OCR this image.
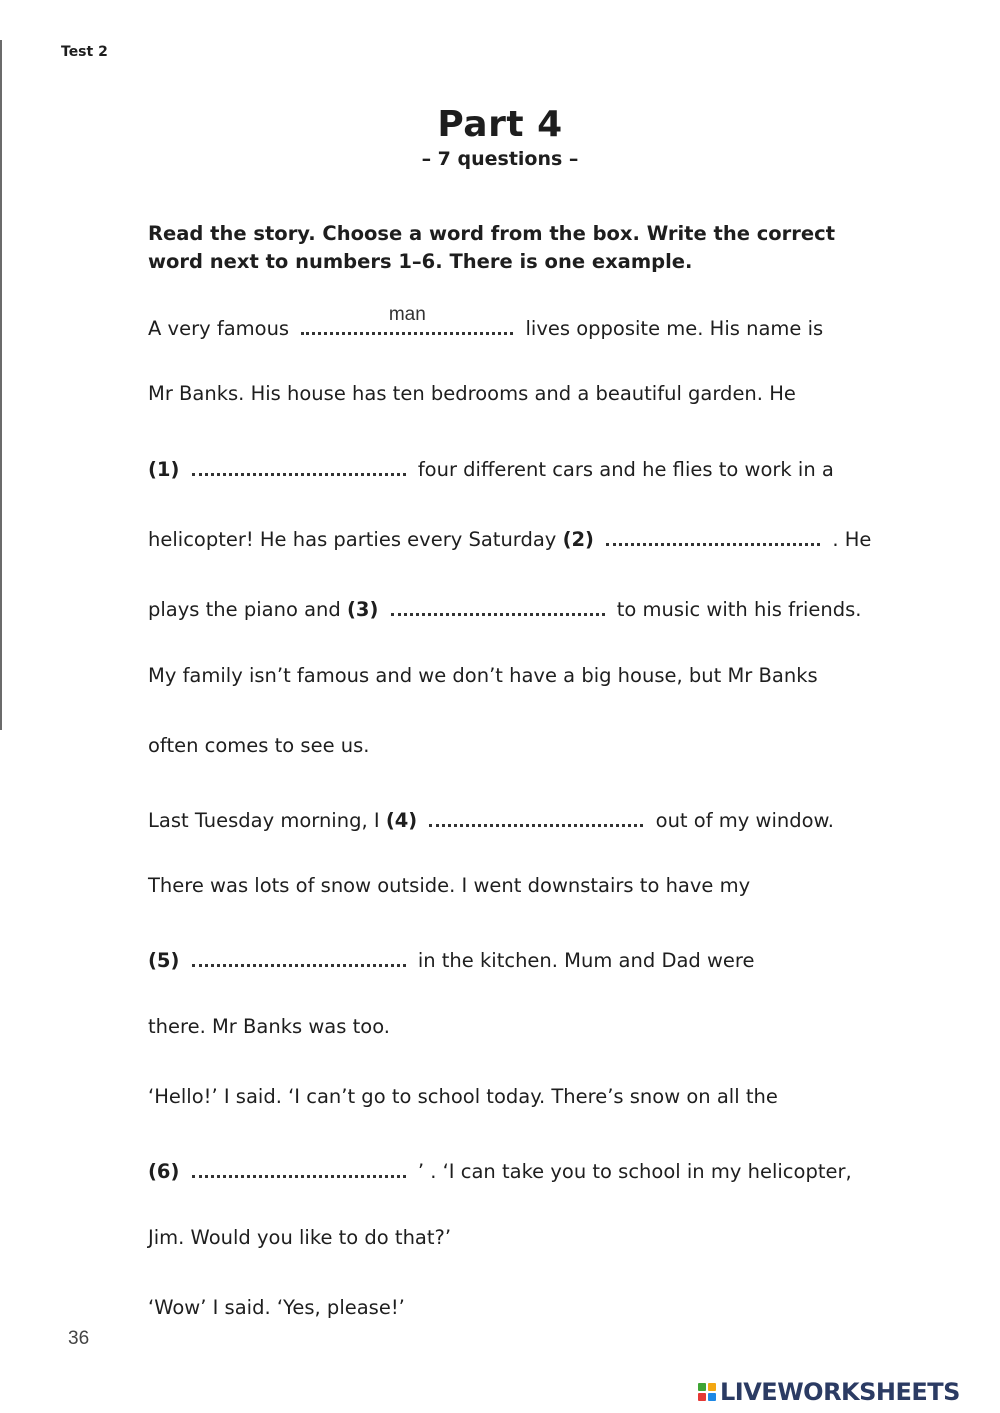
Test 2
Part 4
– 7 questions –
Read the story. Choose a word from the box. Write the correct word next to numbers 1–6. There is one example.
A very famous
man
lives opposite me. His name is
Mr Banks. His house has ten bedrooms and a beautiful garden. He
(1)	four different cars and he flies to work in a
helicopter! He has parties every Saturday (2)	. He
plays the piano and (3)	to music with his friends.
My family isn’t famous and we don’t have a big house, but Mr Banks
often comes to see us.
Last Tuesday morning, I (4)	out of my window.
There was lots of snow outside. I went downstairs to have my
(5)	in the kitchen. Mum and Dad were
there. Mr Banks was too.
‘Hello!’ I said. ‘I can’t go to school today. There’s snow on all the
(6)	’ . ‘I can take you to school in my helicopter,
Jim. Would you like to do that?’
‘Wow’ I said. ‘Yes, please!’
36
LIVEWORKSHEETS
